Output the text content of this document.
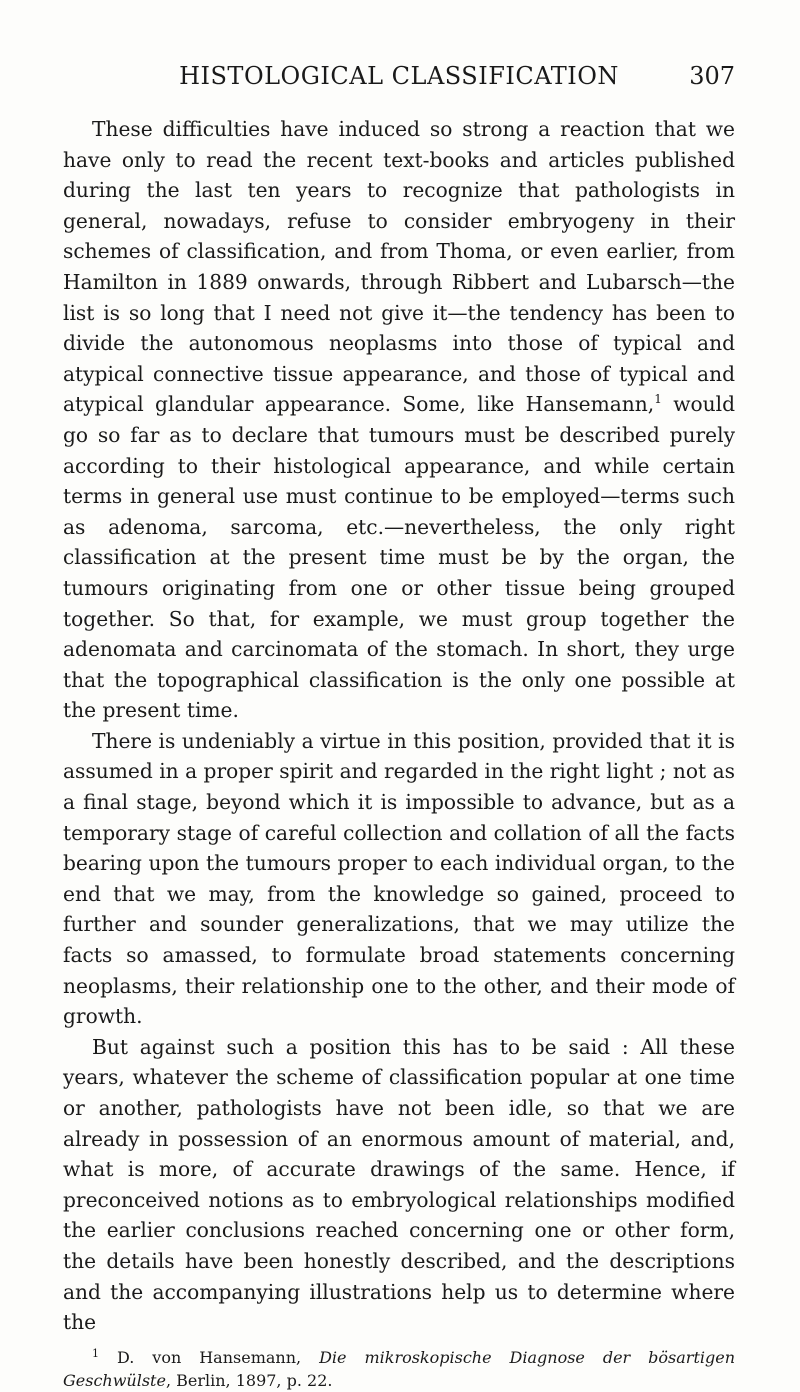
HISTOLOGICAL CLASSIFICATION	307

These difficulties have induced so strong a reaction that we have only to read the recent text-books and articles published during the last ten years to recognize that pathologists in general, nowadays, refuse to consider embryogeny in their schemes of classification, and from Thoma, or even earlier, from Hamilton in 1889 onwards, through Ribbert and Lubarsch—the list is so long that I need not give it—the tendency has been to divide the autonomous neoplasms into those of typical and atypical connective tissue appearance, and those of typical and atypical glandular appearance. Some, like Hansemann,$^1$ would go so far as to declare that tumours must be described purely according to their histological appearance, and while certain terms in general use must continue to be employed—terms such as adenoma, sarcoma, etc.—nevertheless, the only right classification at the present time must be by the organ, the tumours originating from one or other tissue being grouped together. So that, for example, we must group together the adenomata and carcinomata of the stomach. In short, they urge that the topographical classification is the only one possible at the present time.

There is undeniably a virtue in this position, provided that it is assumed in a proper spirit and regarded in the right light ; not as a final stage, beyond which it is impossible to advance, but as a temporary stage of careful collection and collation of all the facts bearing upon the tumours proper to each individual organ, to the end that we may, from the knowledge so gained, proceed to further and sounder generalizations, that we may utilize the facts so amassed, to formulate broad statements concerning neoplasms, their relationship one to the other, and their mode of growth.

But against such a position this has to be said : All these years, whatever the scheme of classification popular at one time or another, pathologists have not been idle, so that we are already in possession of an enormous amount of material, and, what is more, of accurate drawings of the same. Hence, if preconceived notions as to embryological relationships modified the earlier conclusions reached concerning one or other form, the details have been honestly described, and the descriptions and the accompanying illustrations help us to determine where the

$^1$ D. von Hansemann, Die mikroskopische Diagnose der bösartigen Geschwülste, Berlin, 1897, p. 22.
